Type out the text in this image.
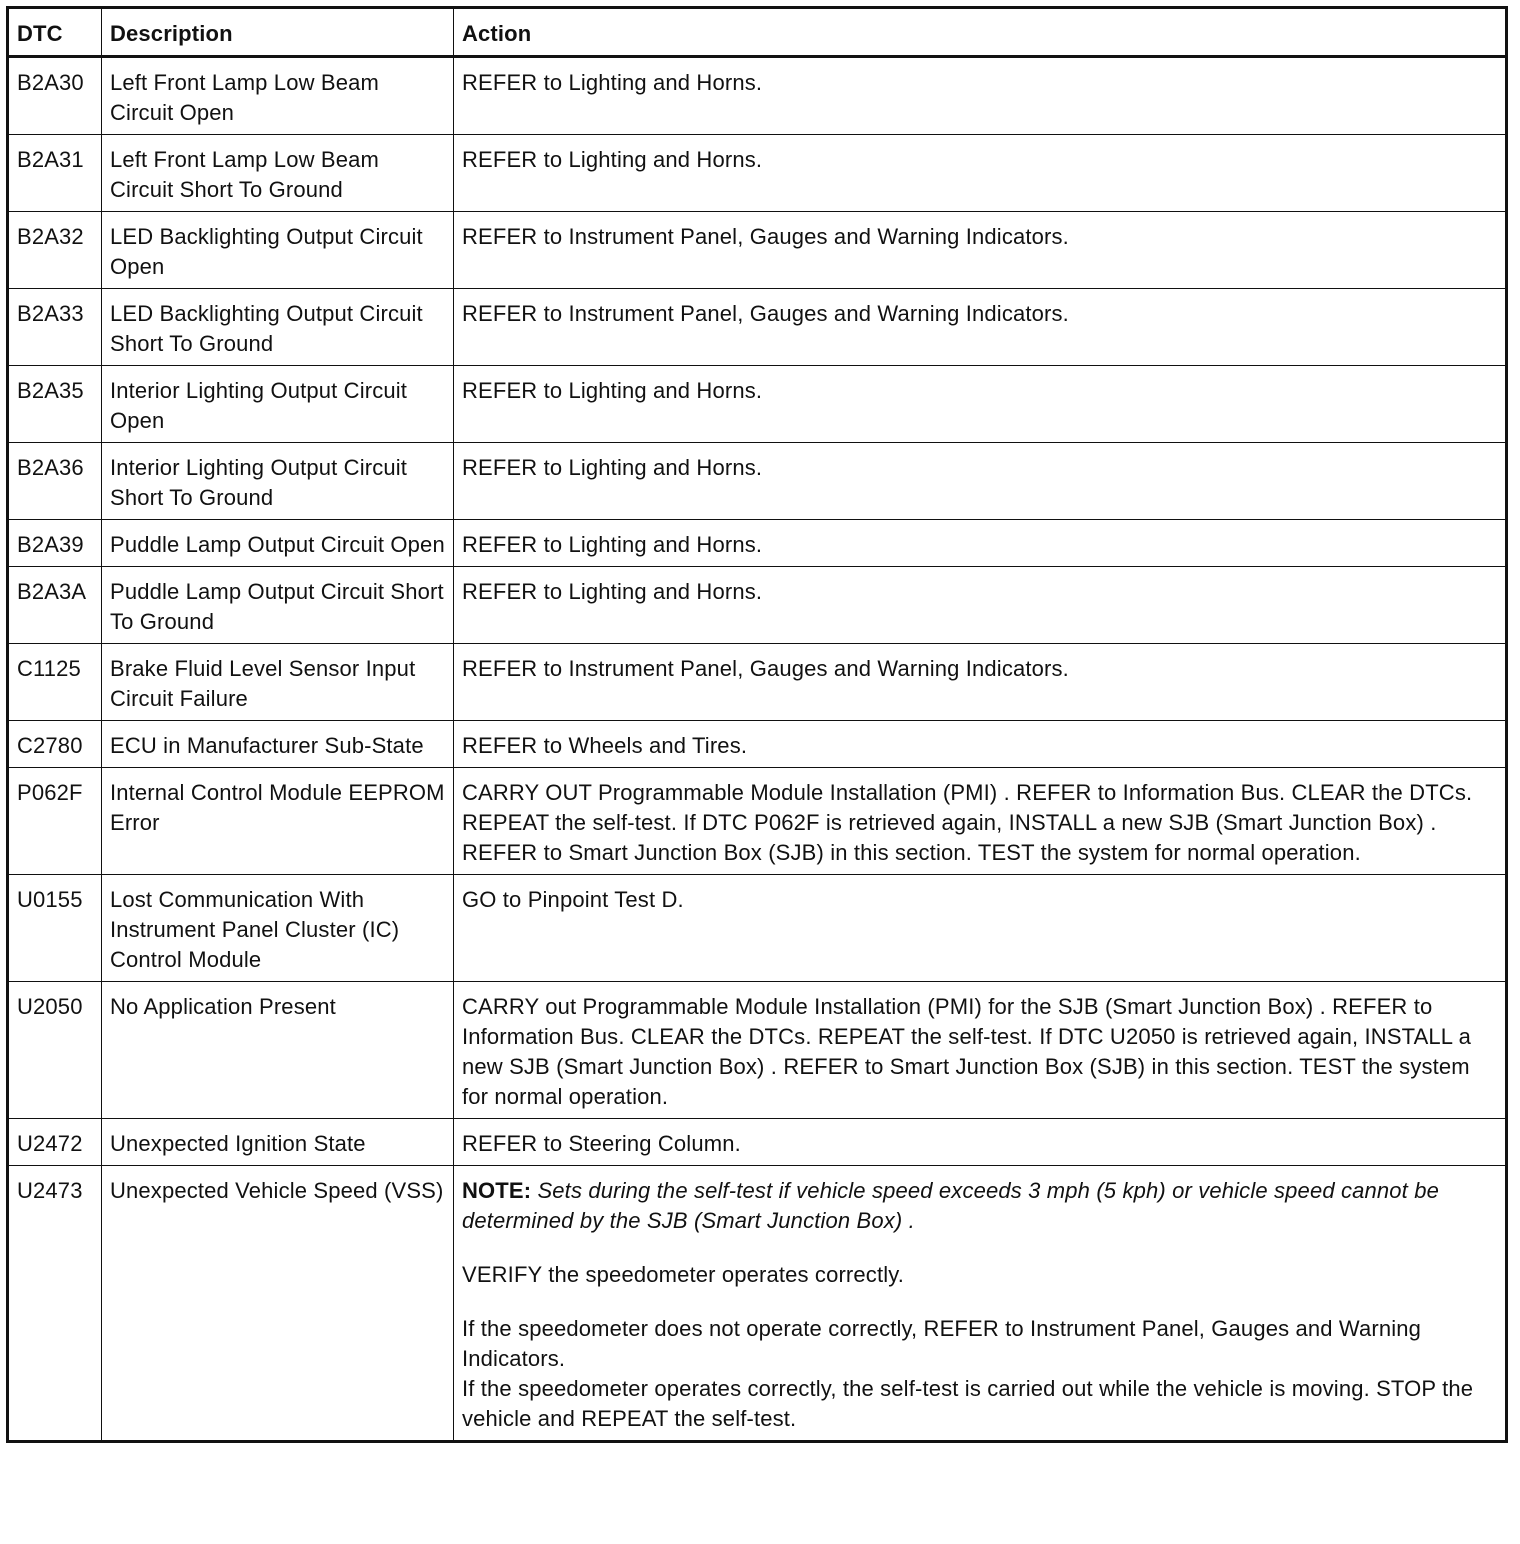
DTC	Description	Action
B2A30	Left Front Lamp Low Beam Circuit Open	REFER to Lighting and Horns.
B2A31	Left Front Lamp Low Beam Circuit Short To Ground	REFER to Lighting and Horns.
B2A32	LED Backlighting Output Circuit Open	REFER to Instrument Panel, Gauges and Warning Indicators.
B2A33	LED Backlighting Output Circuit Short To Ground	REFER to Instrument Panel, Gauges and Warning Indicators.
B2A35	Interior Lighting Output Circuit Open	REFER to Lighting and Horns.
B2A36	Interior Lighting Output Circuit Short To Ground	REFER to Lighting and Horns.
B2A39	Puddle Lamp Output Circuit Open	REFER to Lighting and Horns.
B2A3A	Puddle Lamp Output Circuit Short To Ground	REFER to Lighting and Horns.
C1125	Brake Fluid Level Sensor Input Circuit Failure	REFER to Instrument Panel, Gauges and Warning Indicators.
C2780	ECU in Manufacturer Sub-State	REFER to Wheels and Tires.
P062F	Internal Control Module EEPROM Error	CARRY OUT Programmable Module Installation (PMI) . REFER to Information Bus. CLEAR the DTCs. REPEAT the self-test. If DTC P062F is retrieved again, INSTALL a new SJB (Smart Junction Box) . REFER to Smart Junction Box (SJB) in this section. TEST the system for normal operation.
U0155	Lost Communication With Instrument Panel Cluster (IC) Control Module	GO to Pinpoint Test D.
U2050	No Application Present	CARRY out Programmable Module Installation (PMI) for the SJB (Smart Junction Box) . REFER to Information Bus. CLEAR the DTCs. REPEAT the self-test. If DTC U2050 is retrieved again, INSTALL a new SJB (Smart Junction Box) . REFER to Smart Junction Box (SJB) in this section. TEST the system for normal operation.
U2472	Unexpected Ignition State	REFER to Steering Column.
U2473	Unexpected Vehicle Speed (VSS)	NOTE: Sets during the self-test if vehicle speed exceeds 3 mph (5 kph) or vehicle speed cannot be determined by the SJB (Smart Junction Box) .

VERIFY the speedometer operates correctly.

If the speedometer does not operate correctly, REFER to Instrument Panel, Gauges and Warning Indicators.
If the speedometer operates correctly, the self-test is carried out while the vehicle is moving. STOP the vehicle and REPEAT the self-test.
